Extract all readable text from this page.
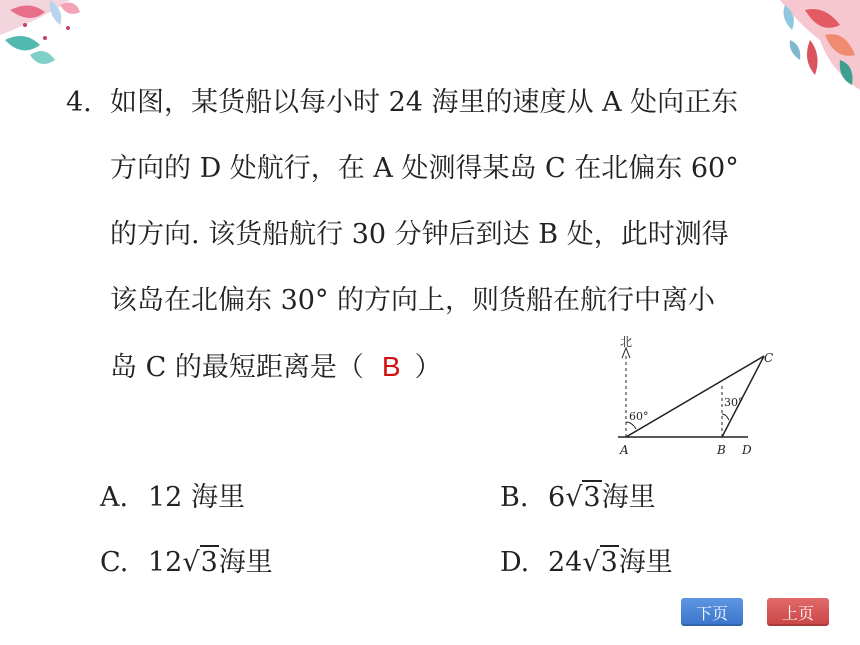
4. 如图，某货船以每小时 24 海里的速度从 A 处向正东
方向的 D 处航行，在 A 处测得某岛 C 在北偏东 60°
的方向. 该货船航行 30 分钟后到达 B 处，此时测得
该岛在北偏东 30° 的方向上，则货船在航行中离小
岛 C 的最短距离是（ B ）
北
60°
30°
A	B D
C
A. 12 海里	B. 6√3海里
C. 12√3海里	D. 24√3海里
下页	上页
